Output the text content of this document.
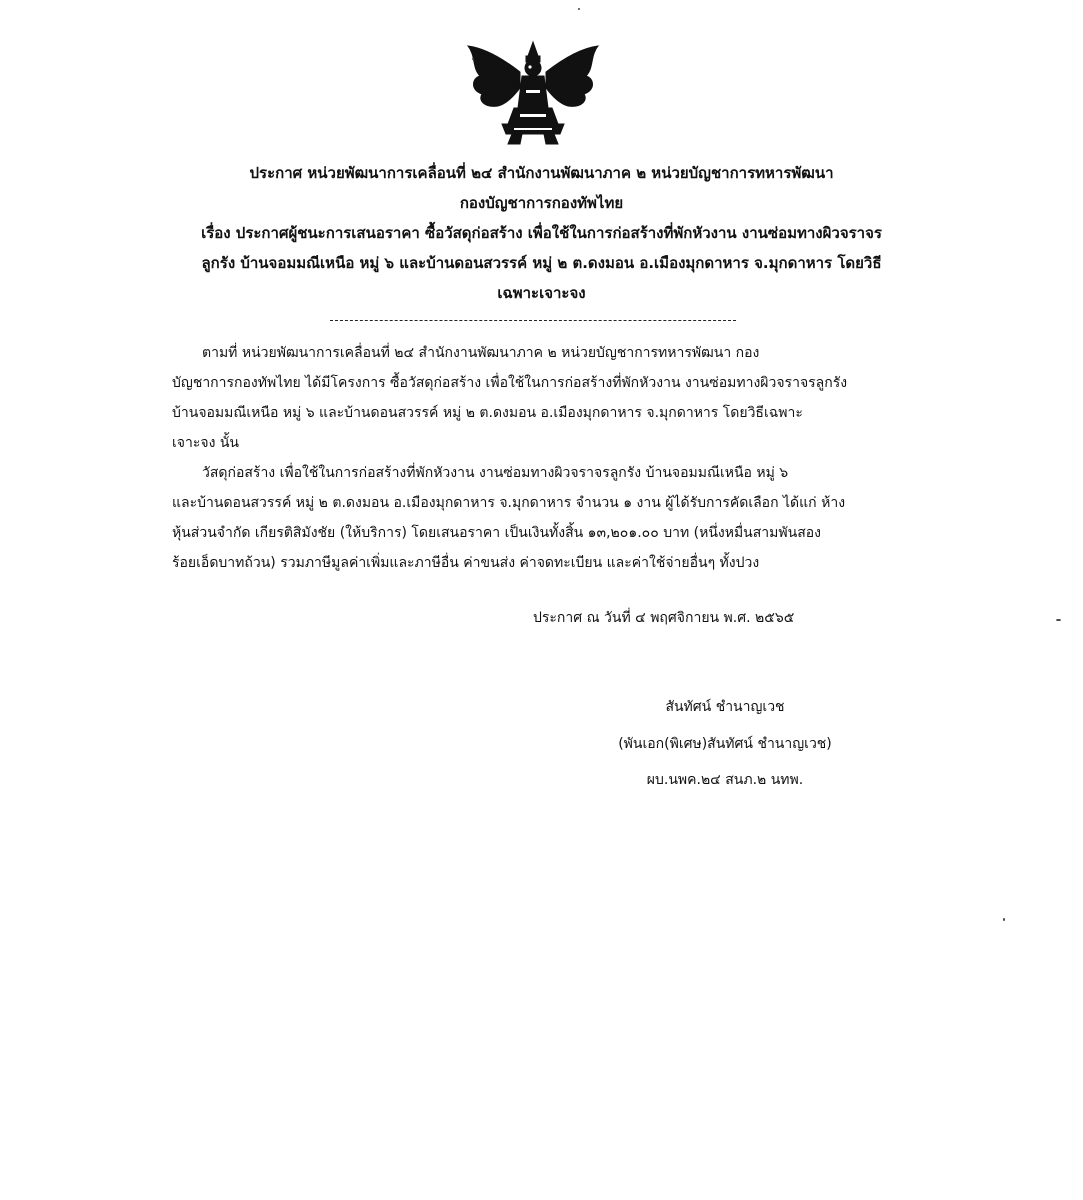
ประกาศ หน่วยพัฒนาการเคลื่อนที่ ๒๔ สำนักงานพัฒนาภาค ๒ หน่วยบัญชาการทหารพัฒนา
กองบัญชาการกองทัพไทย
เรื่อง ประกาศผู้ชนะการเสนอราคา ซื้อวัสดุก่อสร้าง เพื่อใช้ในการก่อสร้างที่พักหัวงาน งานซ่อมทางผิวจราจร
ลูกรัง บ้านจอมมณีเหนือ หมู่ ๖ และบ้านดอนสวรรค์ หมู่ ๒ ต.ดงมอน อ.เมืองมุกดาหาร จ.มุกดาหาร โดยวิธี
เฉพาะเจาะจง
ตามที่ หน่วยพัฒนาการเคลื่อนที่ ๒๔ สำนักงานพัฒนาภาค ๒ หน่วยบัญชาการทหารพัฒนา กอง
บัญชาการกองทัพไทย ได้มีโครงการ ซื้อวัสดุก่อสร้าง เพื่อใช้ในการก่อสร้างที่พักหัวงาน งานซ่อมทางผิวจราจรลูกรัง
บ้านจอมมณีเหนือ หมู่ ๖ และบ้านดอนสวรรค์ หมู่ ๒ ต.ดงมอน อ.เมืองมุกดาหาร จ.มุกดาหาร โดยวิธีเฉพาะ
เจาะจง นั้น
วัสดุก่อสร้าง เพื่อใช้ในการก่อสร้างที่พักหัวงาน งานซ่อมทางผิวจราจรลูกรัง บ้านจอมมณีเหนือ หมู่ ๖
และบ้านดอนสวรรค์ หมู่ ๒ ต.ดงมอน อ.เมืองมุกดาหาร จ.มุกดาหาร จำนวน ๑ งาน ผู้ได้รับการคัดเลือก ได้แก่ ห้าง
หุ้นส่วนจำกัด เกียรติสิมังชัย (ให้บริการ) โดยเสนอราคา เป็นเงินทั้งสิ้น ๑๓,๒๐๑.๐๐ บาท (หนึ่งหมื่นสามพันสอง
ร้อยเอ็ดบาทถ้วน) รวมภาษีมูลค่าเพิ่มและภาษีอื่น ค่าขนส่ง ค่าจดทะเบียน และค่าใช้จ่ายอื่นๆ ทั้งปวง
ประกาศ ณ วันที่ ๔ พฤศจิกายน พ.ศ. ๒๕๖๕
สันทัศน์ ชำนาญเวช
(พันเอก(พิเศษ)สันทัศน์ ชำนาญเวช)
ผบ.นพค.๒๔ สนภ.๒ นทพ.
